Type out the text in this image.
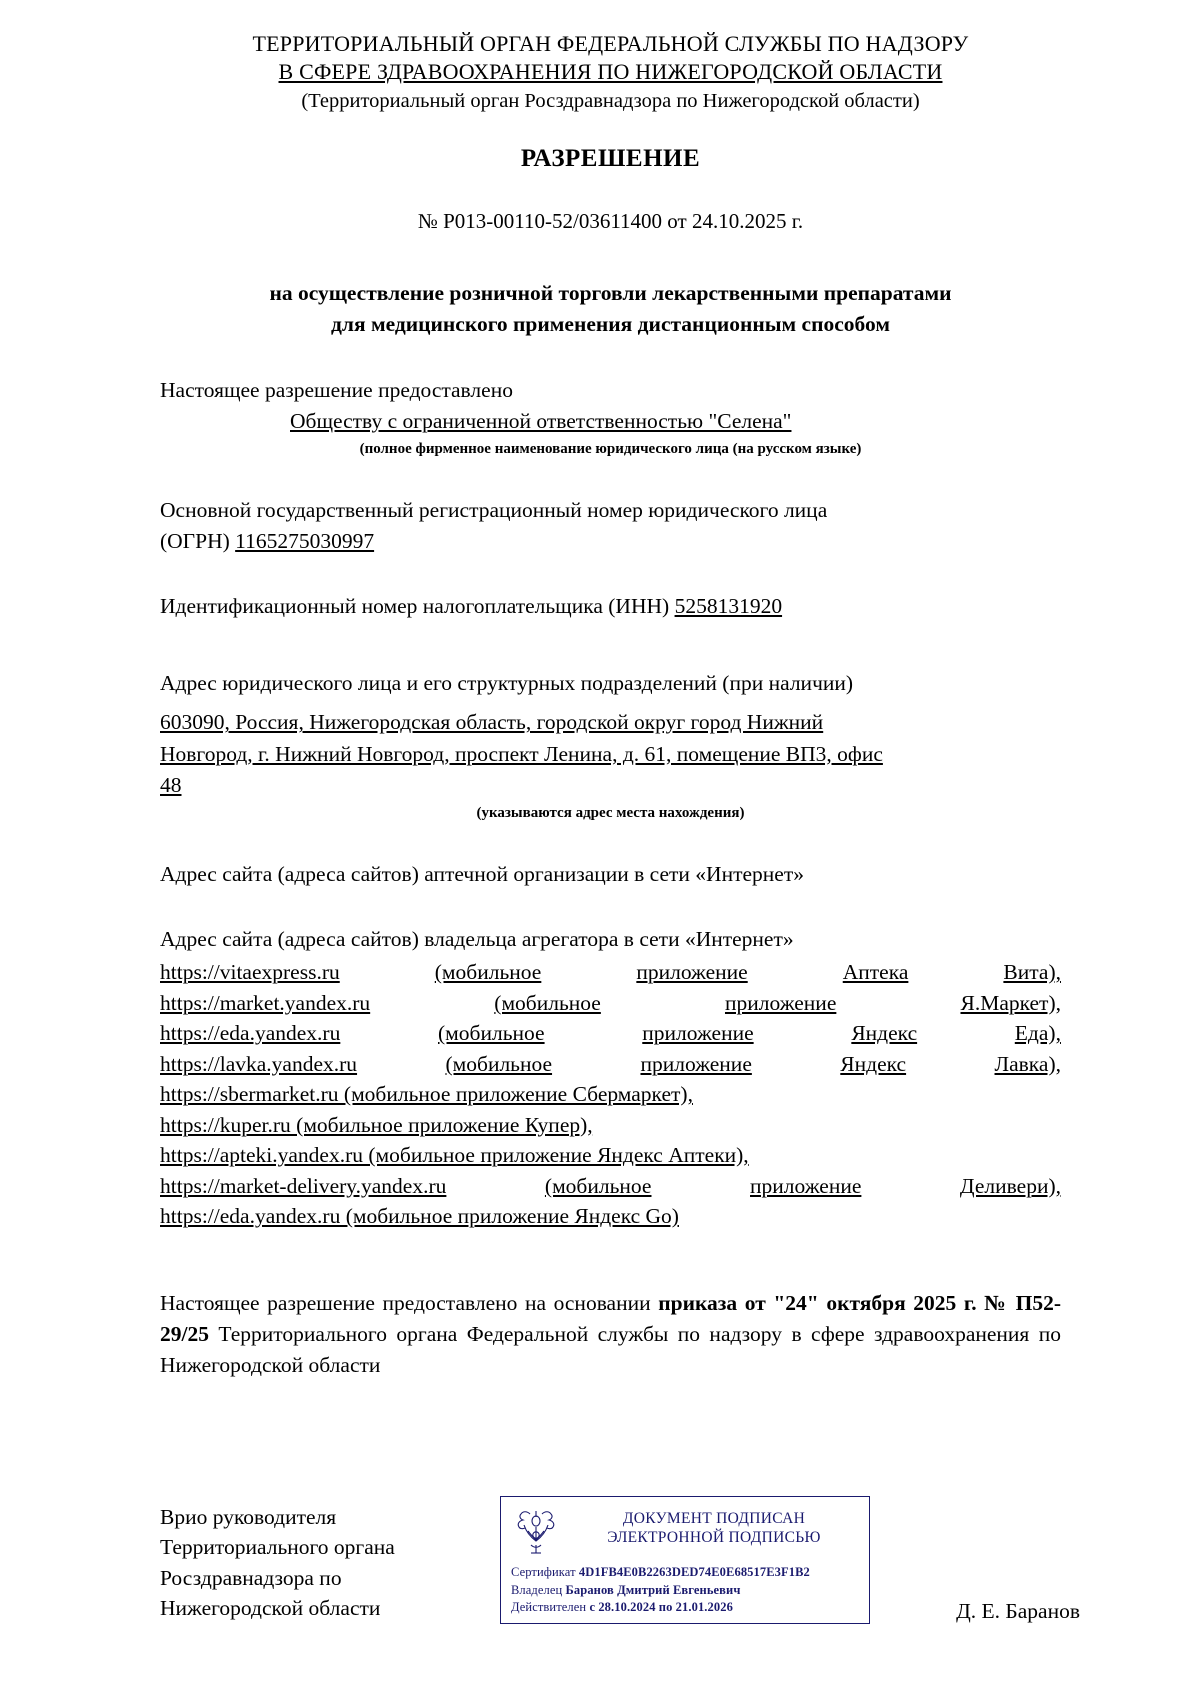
ТЕРРИТОРИАЛЬНЫЙ ОРГАН ФЕДЕРАЛЬНОЙ СЛУЖБЫ ПО НАДЗОРУ
В СФЕРЕ ЗДРАВООХРАНЕНИЯ ПО НИЖЕГОРОДСКОЙ ОБЛАСТИ
(Территориальный орган Росздравнадзора по Нижегородской области)
РАЗРЕШЕНИЕ
№ Р013-00110-52/03611400 от 24.10.2025 г.
на осуществление розничной торговли лекарственными препаратами
для медицинского применения дистанционным способом
Настоящее разрешение предоставлено
Обществу с ограниченной ответственностью "Селена"
(полное фирменное наименование юридического лица (на русском языке)
Основной государственный регистрационный номер юридического лица
(ОГРН) 1165275030997
Идентификационный номер налогоплательщика (ИНН) 5258131920
Адрес юридического лица и его структурных подразделений (при наличии)
603090, Россия, Нижегородская область, городской округ город Нижний
Новгород, г. Нижний Новгород, проспект Ленина, д. 61, помещение ВП3, офис
48
(указываются адрес места нахождения)
Адрес сайта (адреса сайтов) аптечной организации в сети «Интернет»
Адрес сайта (адреса сайтов) владельца агрегатора в сети «Интернет»
https://vitaexpress.ru	(мобильное	приложение	Аптека	Вита),
https://market.yandex.ru	(мобильное	приложение	Я.Маркет),
https://eda.yandex.ru	(мобильное	приложение	Яндекс	Еда),
https://lavka.yandex.ru	(мобильное	приложение	Яндекс	Лавка),
https://sbermarket.ru (мобильное приложение Сбермаркет),
https://kuper.ru (мобильное приложение Купер),
https://apteki.yandex.ru (мобильное приложение Яндекс Аптеки),
https://market-delivery.yandex.ru	(мобильное	приложение	Деливери),
https://eda.yandex.ru (мобильное приложение Яндекс Go)
Настоящее разрешение предоставлено на основании приказа от "24" октября 2025 г. № П52-29/25 Территориального органа Федеральной службы по надзору в сфере здравоохранения по Нижегородской области
ДОКУМЕНТ ПОДПИСАН
ЭЛЕКТРОННОЙ ПОДПИСЬЮ
Сертификат 4D1FB4E0B2263DED74E0E68517E3F1B2
Владелец Баранов Дмитрий Евгеньевич
Действителен с 28.10.2024 по 21.01.2026
Врио руководителя
Территориального органа
Росздравнадзора по
Нижегородской области	Д. Е. Баранов
